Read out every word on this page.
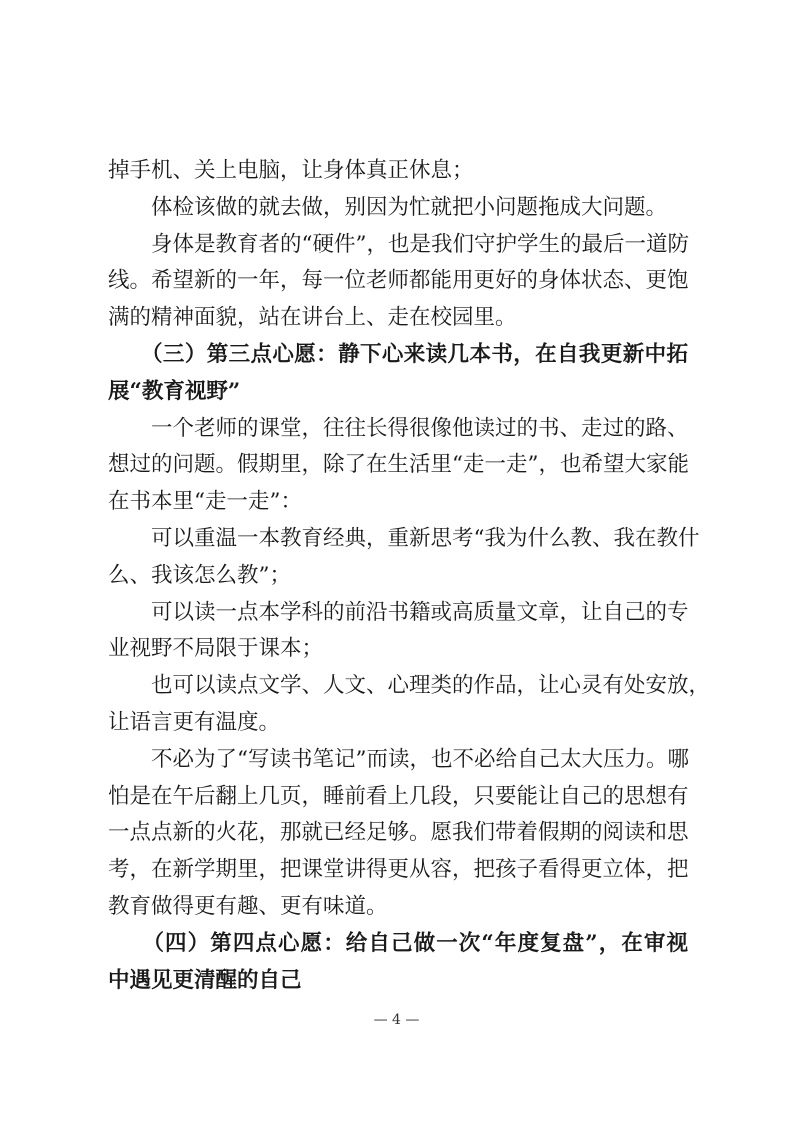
掉手机、关上电脑，让身体真正休息；
　　体检该做的就去做，别因为忙就把小问题拖成大问题。
　　身体是教育者的“硬件”，也是我们守护学生的最后一道防
线。希望新的一年，每一位老师都能用更好的身体状态、更饱
满的精神面貌，站在讲台上、走在校园里。
　　（三）第三点心愿：静下心来读几本书，在自我更新中拓
展“教育视野”
　　一个老师的课堂，往往长得很像他读过的书、走过的路、
想过的问题。假期里，除了在生活里“走一走”，也希望大家能
在书本里“走一走”：
　　可以重温一本教育经典，重新思考“我为什么教、我在教什
么、我该怎么教”；
　　可以读一点本学科的前沿书籍或高质量文章，让自己的专
业视野不局限于课本；
　　也可以读点文学、人文、心理类的作品，让心灵有处安放，
让语言更有温度。
　　不必为了“写读书笔记”而读，也不必给自己太大压力。哪
怕是在午后翻上几页，睡前看上几段，只要能让自己的思想有
一点点新的火花，那就已经足够。愿我们带着假期的阅读和思
考，在新学期里，把课堂讲得更从容，把孩子看得更立体，把
教育做得更有趣、更有味道。
　　（四）第四点心愿：给自己做一次“年度复盘”，在审视
中遇见更清醒的自己
— 4 —
